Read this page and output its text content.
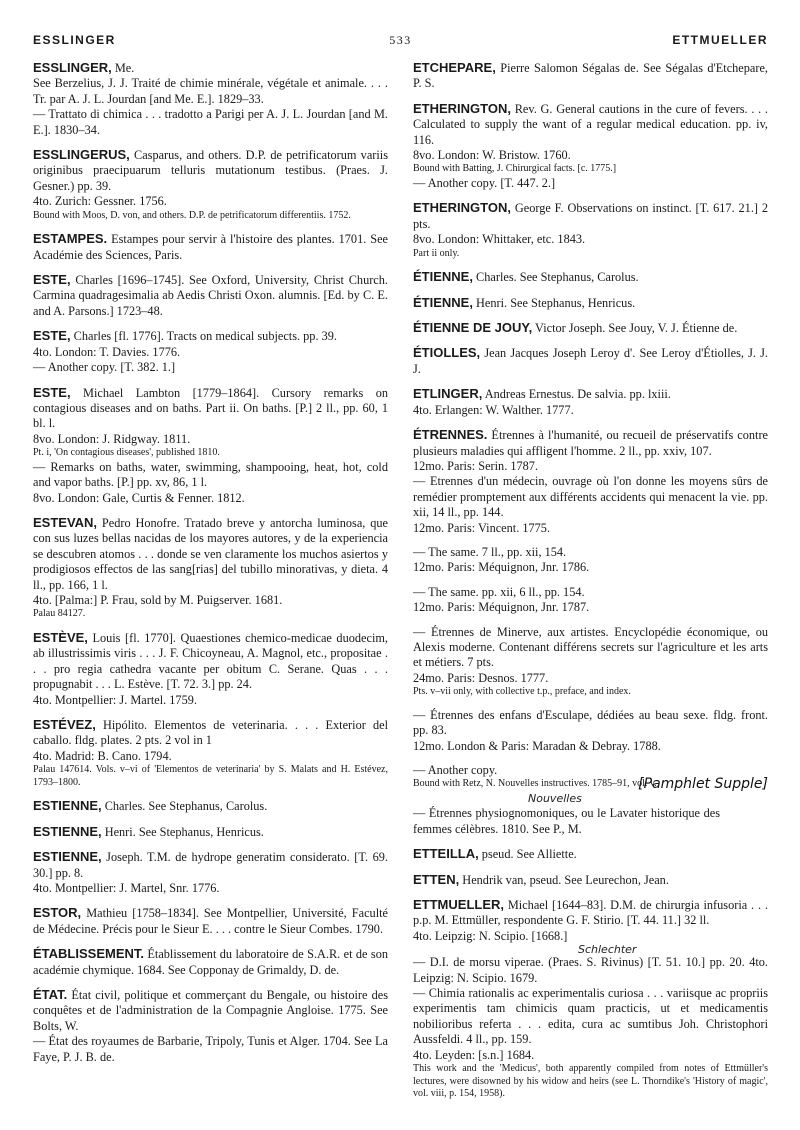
ESSLINGER	533	ETTMUELLER

ESSLINGER, Me.

See Berzelius, J. J. Traité de chimie minérale, végétale et animale. . . . Tr. par A. J. L. Jourdan [and Me. E.]. 1829–33.

— Trattato di chimica . . . tradotto a Parigi per A. J. L. Jourdan [and M. E.]. 1830–34.

ESSLINGERUS, Casparus, and others. D.P. de petrificatorum variis originibus praecipuarum telluris mutationum testibus. (Praes. J. Gesner.) pp. 39.

4to. Zurich: Gessner. 1756.

Bound with Moos, D. von, and others. D.P. de petrificatorum differentiis. 1752.

ESTAMPES. Estampes pour servir à l'histoire des plantes. 1701. See Académie des Sciences, Paris.

ESTE, Charles [1696–1745]. See Oxford, University, Christ Church. Carmina quadragesimalia ab Aedis Christi Oxon. alumnis. [Ed. by C. E. and A. Parsons.] 1723–48.

ESTE, Charles [fl. 1776]. Tracts on medical subjects. pp. 39.

4to. London: T. Davies. 1776.

— Another copy. [T. 382. 1.]

ESTE, Michael Lambton [1779–1864]. Cursory remarks on contagious diseases and on baths. Part ii. On baths. [P.] 2 ll., pp. 60, 1 bl. l.

8vo. London: J. Ridgway. 1811.

Pt. i, 'On contagious diseases', published 1810.

— Remarks on baths, water, swimming, shampooing, heat, hot, cold and vapor baths. [P.] pp. xv, 86, 1 l.

8vo. London: Gale, Curtis & Fenner. 1812.

ESTEVAN, Pedro Honofre. Tratado breve y antorcha luminosa, que con sus luzes bellas nacidas de los mayores autores, y de la experiencia se descubren atomos . . . donde se ven claramente los muchos asiertos y prodigiosos effectos de las sang[rias] del tubillo minorativas, y dieta. 4 ll., pp. 166, 1 l.

4to. [Palma:] P. Frau, sold by M. Puigserver. 1681.

Palau 84127.

ESTÈVE, Louis [fl. 1770]. Quaestiones chemico-medicae duodecim, ab illustrissimis viris . . . J. F. Chicoyneau, A. Magnol, etc., propositae . . . pro regia cathedra vacante per obitum C. Serane. Quas . . . propugnabit . . . L. Estève. [T. 72. 3.] pp. 24.

4to. Montpellier: J. Martel. 1759.

ESTÉVEZ, Hipólito. Elementos de veterinaria. . . . Exterior del caballo. fldg. plates. 2 pts. 2 vol in 1

4to. Madrid: B. Cano. 1794.

Palau 147614. Vols. v–vi of 'Elementos de veterinaria' by S. Malats and H. Estévez, 1793–1800.

ESTIENNE, Charles. See Stephanus, Carolus.

ESTIENNE, Henri. See Stephanus, Henricus.

ESTIENNE, Joseph. T.M. de hydrope generatim considerato. [T. 69. 30.] pp. 8.

4to. Montpellier: J. Martel, Snr. 1776.

ESTOR, Mathieu [1758–1834]. See Montpellier, Université, Faculté de Médecine. Précis pour le Sieur E. . . . contre le Sieur Combes. 1790.

ÉTABLISSEMENT. Établissement du laboratoire de S.A.R. et de son académie chymique. 1684. See Copponay de Grimaldy, D. de.

ÉTAT. État civil, politique et commerçant du Bengale, ou histoire des conquêtes et de l'administration de la Compagnie Angloise. 1775. See Bolts, W.

— État des royaumes de Barbarie, Tripoly, Tunis et Alger. 1704. See La Faye, P. J. B. de.

ETCHEPARE, Pierre Salomon Ségalas de. See Ségalas d'Etchepare, P. S.

ETHERINGTON, Rev. G. General cautions in the cure of fevers. . . . Calculated to supply the want of a regular medical education. pp. iv, 116.

8vo. London: W. Bristow. 1760.

Bound with Batting, J. Chirurgical facts. [c. 1775.]

— Another copy. [T. 447. 2.]

ETHERINGTON, George F. Observations on instinct. [T. 617. 21.] 2 pts.

8vo. London: Whittaker, etc. 1843.

Part ii only.

ÉTIENNE, Charles. See Stephanus, Carolus.

ÉTIENNE, Henri. See Stephanus, Henricus.

ÉTIENNE DE JOUY, Victor Joseph. See Jouy, V. J. Étienne de.

ÉTIOLLES, Jean Jacques Joseph Leroy d'. See Leroy d'Étiolles, J. J. J.

ETLINGER, Andreas Ernestus. De salvia. pp. lxiii.

4to. Erlangen: W. Walther. 1777.

ÉTRENNES. Étrennes à l'humanité, ou recueil de préservatifs contre plusieurs maladies qui affligent l'homme. 2 ll., pp. xxiv, 107.

12mo. Paris: Serin. 1787.

— Etrennes d'un médecin, ouvrage où l'on donne les moyens sûrs de remédier promptement aux différents accidents qui menacent la vie. pp. xii, 14 ll., pp. 144.

12mo. Paris: Vincent. 1775.

— The same. 7 ll., pp. xii, 154.

12mo. Paris: Méquignon, Jnr. 1786.

— The same. pp. xii, 6 ll., pp. 154.

12mo. Paris: Méquignon, Jnr. 1787.

— Étrennes de Minerve, aux artistes. Encyclopédie économique, ou Alexis moderne. Contenant différens secrets sur l'agriculture et les arts et métiers. 7 pts.

24mo. Paris: Desnos. 1777.

Pts. v–vii only, with collective t.p., preface, and index.

— Étrennes des enfans d'Esculape, dédiées au beau sexe. fldg. front. pp. 83.

12mo. London & Paris: Maradan & Debray. 1788.

— Another copy.

Bound with Retz, N. Nouvelles instructives. 1785–91, vol. v.

Nouvelles
[Pamphlet Supple]

— Étrennes physiognomoniques, ou le Lavater historique des femmes célèbres. 1810. See P., M.

ETTEILLA, pseud. See Alliette.

ETTEN, Hendrik van, pseud. See Leurechon, Jean.

ETTMUELLER, Michael [1644–83]. D.M. de chirurgia infusoria . . . p.p. M. Ettmüller, respondente G. F. Stirio. [T. 44. 11.] 32 ll.

4to. Leipzig: N. Scipio. [1668.]

Schlechter

— D.I. de morsu viperae. (Praes. S. Rivinus) [T. 51. 10.] pp. 20. 4to. Leipzig: N. Scipio. 1679.

— Chimia rationalis ac experimentalis curiosa . . . variisque ac propriis experimentis tam chimicis quam practicis, ut et medicamentis nobilioribus referta . . . edita, cura ac sumtibus Joh. Christophori Aussfeldi. 4 ll., pp. 159.

4to. Leyden: [s.n.] 1684.

This work and the 'Medicus', both apparently compiled from notes of Ettmüller's lectures, were disowned by his widow and heirs (see L. Thorndike's 'History of magic', vol. viii, p. 154, 1958).
